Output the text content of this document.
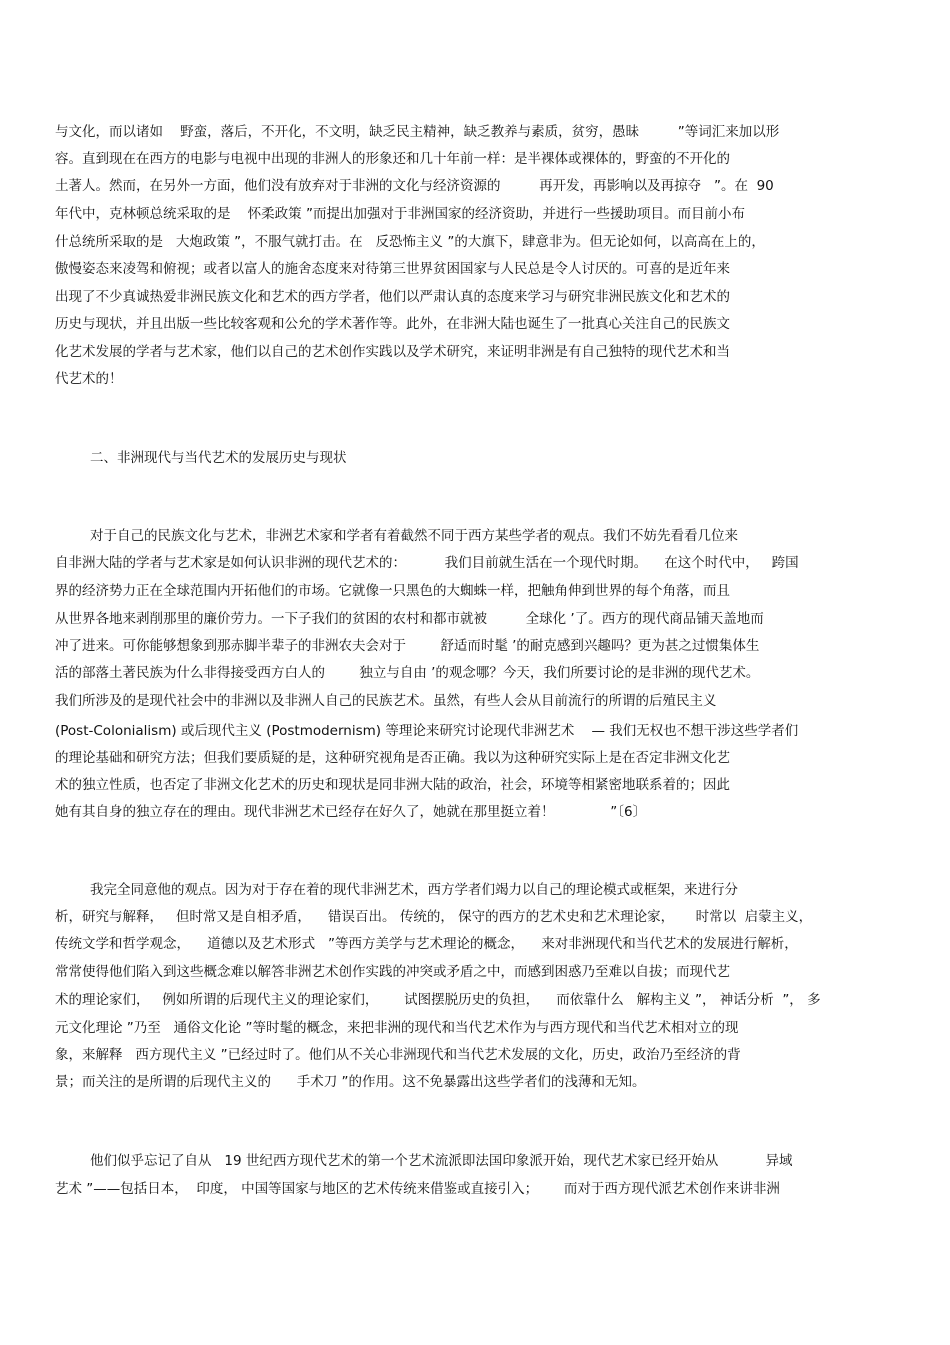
与文化，而以诸如    野蛮，落后，不开化，不文明，缺乏民主精神，缺乏教养与素质，贫穷，愚昧         ”等词汇来加以形
容。直到现在在西方的电影与电视中出现的非洲人的形象还和几十年前一样：是半裸体或裸体的，野蛮的不开化的
土著人。然而，在另外一方面，他们没有放弃对于非洲的文化与经济资源的         再开发，再影响以及再掠夺   ”。在  90
年代中，克林顿总统采取的是    怀柔政策 ”而提出加强对于非洲国家的经济资助，并进行一些援助项目。而目前小布
什总统所采取的是   大炮政策 ”，不服气就打击。在   反恐怖主义 ”的大旗下，肆意非为。但无论如何，以高高在上的，
傲慢姿态来凌驾和俯视；或者以富人的施舍态度来对待第三世界贫困国家与人民总是令人讨厌的。可喜的是近年来
出现了不少真诚热爱非洲民族文化和艺术的西方学者，他们以严肃认真的态度来学习与研究非洲民族文化和艺术的
历史与现状，并且出版一些比较客观和公允的学术著作等。此外，在非洲大陆也诞生了一批真心关注自己的民族文
化艺术发展的学者与艺术家，他们以自己的艺术创作实践以及学术研究，来证明非洲是有自己独特的现代艺术和当
代艺术的！
二、非洲现代与当代艺术的发展历史与现状
对于自己的民族文化与艺术，非洲艺术家和学者有着截然不同于西方某些学者的观点。我们不妨先看看几位来
自非洲大陆的学者与艺术家是如何认识非洲的现代艺术的：         我们目前就生活在一个现代时期。    在这个时代中，   跨国
界的经济势力正在全球范围内开拓他们的市场。它就像一只黑色的大蜘蛛一样，把触角伸到世界的每个角落，而且
从世界各地来剥削那里的廉价劳力。一下子我们的贫困的农村和都市就被         全球化 ’了。西方的现代商品铺天盖地而
冲了进来。可你能够想象到那赤脚半辈子的非洲农夫会对于        舒适而时髦 ’的耐克感到兴趣吗？更为甚之过惯集体生
活的部落土著民族为什么非得接受西方白人的        独立与自由 ’的观念哪？今天，我们所要讨论的是非洲的现代艺术。
我们所涉及的是现代社会中的非洲以及非洲人自己的民族艺术。虽然，有些人会从目前流行的所谓的后殖民主义
(Post-Colonialism) 或后现代主义 (Postmodernism) 等理论来研究讨论现代非洲艺术    — 我们无权也不想干涉这些学者们
的理论基础和研究方法；但我们要质疑的是，这种研究视角是否正确。我以为这种研究实际上是在否定非洲文化艺
术的独立性质，也否定了非洲文化艺术的历史和现状是同非洲大陆的政治，社会，环境等相紧密地联系着的；因此
她有其自身的独立存在的理由。现代非洲艺术已经存在好久了，她就在那里挺立着！             ”〔6〕
我完全同意他的观点。因为对于存在着的现代非洲艺术，西方学者们竭力以自己的理论模式或框架，来进行分
析，研究与解释，   但时常又是自相矛盾，    错误百出。 传统的， 保守的西方的艺术史和艺术理论家，     时常以  启蒙主义，
传统文学和哲学观念，    道德以及艺术形式   ”等西方美学与艺术理论的概念，    来对非洲现代和当代艺术的发展进行解析，
常常使得他们陷入到这些概念难以解答非洲艺术创作实践的冲突或矛盾之中，而感到困惑乃至难以自拔；而现代艺
术的理论家们，   例如所谓的后现代主义的理论家们，      试图摆脱历史的负担，    而依靠什么   解构主义 ”， 神话分析  ”， 多
元文化理论 ”乃至   通俗文化论 ”等时髦的概念，来把非洲的现代和当代艺术作为与西方现代和当代艺术相对立的现
象，来解释   西方现代主义 ”已经过时了。他们从不关心非洲现代和当代艺术发展的文化，历史，政治乃至经济的背
景；而关注的是所谓的后现代主义的      手术刀 ”的作用。这不免暴露出这些学者们的浅薄和无知。
他们似乎忘记了自从   19 世纪西方现代艺术的第一个艺术流派即法国印象派开始，现代艺术家已经开始从           异域
艺术 ”——包括日本，  印度， 中国等国家与地区的艺术传统来借鉴或直接引入；      而对于西方现代派艺术创作来讲非洲
